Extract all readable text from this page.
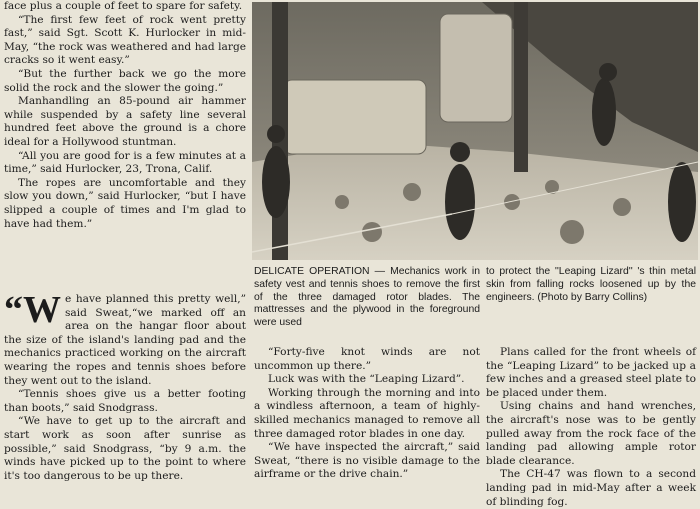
face plus a couple of feet to spare for safety.

“The first few feet of rock went pretty fast,” said Sgt. Scott K. Hurlocker in mid-May, “the rock was weathered and had large cracks so it went easy.”

“But the further back we go the more solid the rock and the slower the going.”

Manhandling an 85-pound air hammer while suspended by a safety line several hundred feet above the ground is a chore ideal for a Hollywood stuntman.

“All you are good for is a few minutes at a time,” said Hurlocker, 23, Trona, Calif.

The ropes are uncomfortable and they slow you down,” said Hurlocker, “but I have slipped a couple of times and I'm glad to have had them.”

“We have planned this pretty well,” said Sweat,“we marked off an area on the hangar floor about the size of the island's landing pad and the mechanics practiced working on the aircraft wearing the ropes and tennis shoes before they went out to the island.

“Tennis shoes give us a better footing than boots,” said Snodgrass.

“We have to get up to the aircraft and start work as soon after sunrise as possible,” said Snodgrass, “by 9 a.m. the winds have picked up to the point to where it's too dangerous to be up there.

DELICATE OPERATION — Mechanics work in safety vest and tennis shoes to remove the first of the three damaged rotor blades. The mattresses and the plywood in the foreground were used
to protect the ''Leaping Lizard'' 's thin metal skin from falling rocks loosened up by the engineers. (Photo by Barry Collins)

“Forty-five knot winds are not uncommon up there.”

Luck was with the “Leaping Lizard”.

Working through the morning and into a windless afternoon, a team of highly-skilled mechanics managed to remove all three damaged rotor blades in one day.

“We have inspected the aircraft,” said Sweat, “there is no visible damage to the airframe or the drive chain.”

Plans called for the front wheels of the “Leaping Lizard” to be jacked up a few inches and a greased steel plate to be placed under them.

Using chains and hand wrenches, the aircraft's nose was to be gently pulled away from the rock face of the landing pad allowing ample rotor blade clearance.

The CH-47 was flown to a second landing pad in mid-May after a week of blinding fog.
